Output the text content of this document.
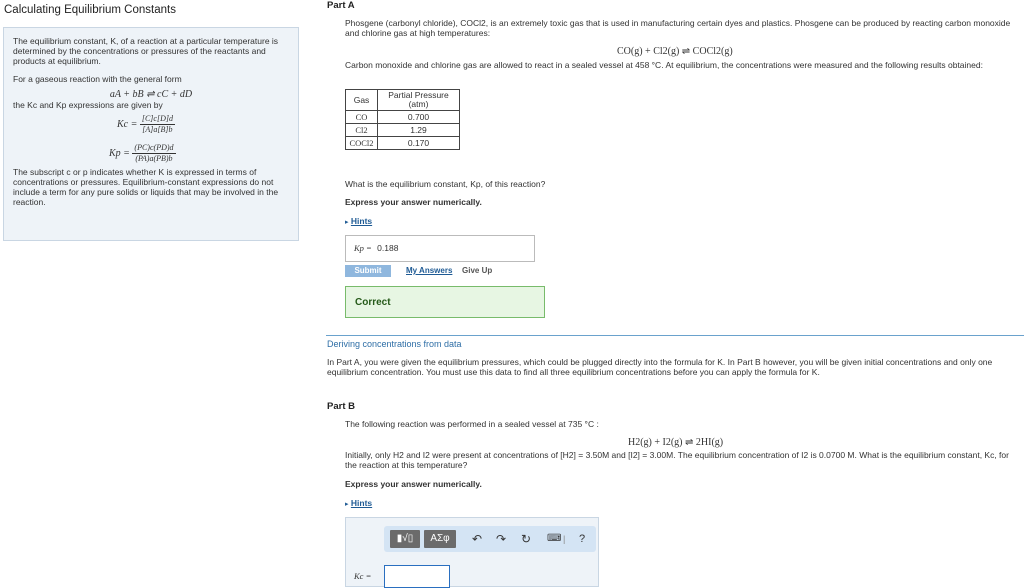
Calculating Equilibrium Constants

The equilibrium constant, K, of a reaction at a particular temperature is determined by the concentrations or pressures of the reactants and products at equilibrium.

For a gaseous reaction with the general form

aA + bB ⇌ cC + dD

the Kc and Kp expressions are given by

$Kc = \frac{[C]c[D]d}{[A]a[B]b}$
$Kp = \frac{(PC)c(PD)d}{(PA)a(PB)b}$

The subscript c or p indicates whether K is expressed in terms of concentrations or pressures. Equilibrium-constant expressions do not include a term for any pure solids or liquids that may be involved in the reaction.

Part A
Phosgene (carbonyl chloride), COCl2, is an extremely toxic gas that is used in manufacturing certain dyes and plastics. Phosgene can be produced by reacting carbon monoxide and chlorine gas at high temperatures:
CO(g) + Cl2(g) ⇌ COCl2(g)
Carbon monoxide and chlorine gas are allowed to react in a sealed vessel at 458 °C. At equilibrium, the concentrations were measured and the following results obtained:
Gas	Partial Pressure (atm)
CO	0.700
Cl2	1.29
COCl2	0.170
What is the equilibrium constant, Kp, of this reaction?
Express your answer numerically.
▸ Hints
Kp = 0.188
Submit	My Answers Give Up
Correct
Deriving concentrations from data
In Part A, you were given the equilibrium pressures, which could be plugged directly into the formula for K. In Part B however, you will be given initial concentrations and only one equilibrium concentration. You must use this data to find all three equilibrium concentrations before you can apply the formula for K.
Part B
The following reaction was performed in a sealed vessel at 735 °C :
H2(g) + I2(g) ⇌ 2HI(g)
Initially, only H2 and I2 were present at concentrations of [H2] = 3.50M and [I2] = 3.00M. The equilibrium concentration of I2 is 0.0700 M. What is the equilibrium constant, Kc, for the reaction at this temperature?
Express your answer numerically.
▸ Hints
▮√▯	ΑΣφ	↶ ↷ ↻ ⌨ | ?
Kc =
